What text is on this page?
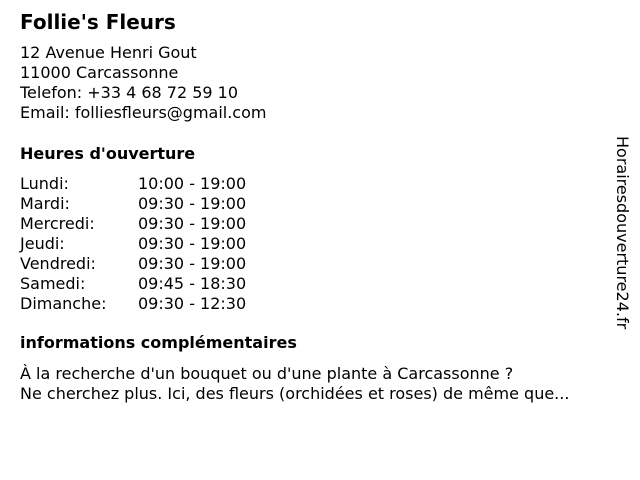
Follie's Fleurs
12 Avenue Henri Gout
11000 Carcassonne
Telefon: +33 4 68 72 59 10
Email: folliesfleurs@gmail.com
Heures d'ouverture
Lundi:	10:00 - 19:00
Mardi:	09:30 - 19:00
Mercredi:	09:30 - 19:00
Jeudi:	09:30 - 19:00
Vendredi:	09:30 - 19:00
Samedi:	09:45 - 18:30
Dimanche:	09:30 - 12:30
informations complémentaires
À la recherche d'un bouquet ou d'une plante à Carcassonne ?
Ne cherchez plus. Ici, des fleurs (orchidées et roses) de même que...
Horairesdouverture24.fr
